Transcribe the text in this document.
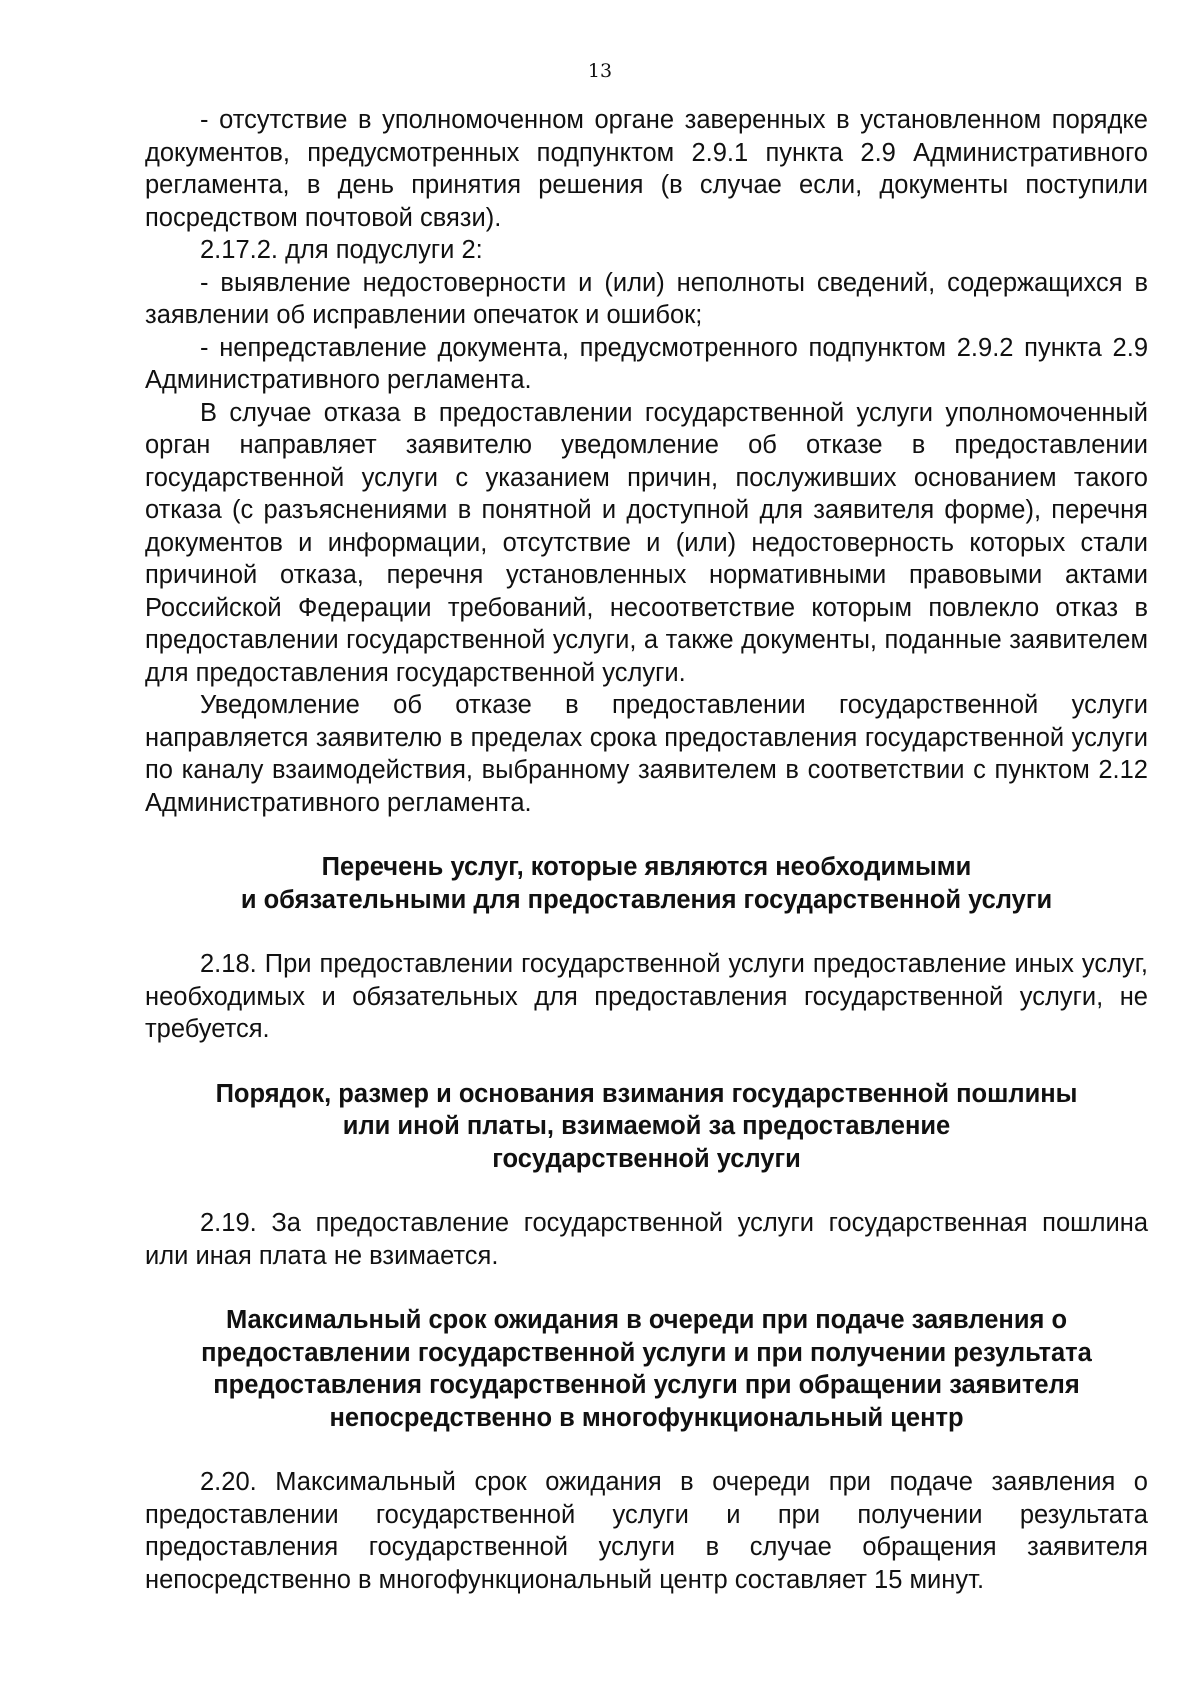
13

- отсутствие в уполномоченном органе заверенных в установленном порядке документов, предусмотренных подпунктом 2.9.1 пункта 2.9 Административного регламента, в день принятия решения (в случае если, документы поступили посредством почтовой связи).

2.17.2. для подуслуги 2:

- выявление недостоверности и (или) неполноты сведений, содержащихся в заявлении об исправлении опечаток и ошибок;

- непредставление документа, предусмотренного подпунктом 2.9.2 пункта 2.9 Административного регламента.

В случае отказа в предоставлении государственной услуги уполномоченный орган направляет заявителю уведомление об отказе в предоставлении государственной услуги с указанием причин, послуживших основанием такого отказа (с разъяснениями в понятной и доступной для заявителя форме), перечня документов и информации, отсутствие и (или) недостоверность которых стали причиной отказа, перечня установленных нормативными правовыми актами Российской Федерации требований, несоответствие которым повлекло отказ в предоставлении государственной услуги, а также документы, поданные заявителем для предоставления государственной услуги.

Уведомление об отказе в предоставлении государственной услуги направляется заявителю в пределах срока предоставления государственной услуги по каналу взаимодействия, выбранному заявителем в соответствии с пунктом 2.12 Административного регламента.

Перечень услуг, которые являются необходимыми
и обязательными для предоставления государственной услуги

2.18. При предоставлении государственной услуги предоставление иных услуг, необходимых и обязательных для предоставления государственной услуги, не требуется.

Порядок, размер и основания взимания государственной пошлины
или иной платы, взимаемой за предоставление
государственной услуги

2.19. За предоставление государственной услуги государственная пошлина или иная плата не взимается.

Максимальный срок ожидания в очереди при подаче заявления о
предоставлении государственной услуги и при получении результата
предоставления государственной услуги при обращении заявителя
непосредственно в многофункциональный центр

2.20. Максимальный срок ожидания в очереди при подаче заявления о предоставлении государственной услуги и при получении результата предоставления государственной услуги в случае обращения заявителя непосредственно в многофункциональный центр составляет 15 минут.
